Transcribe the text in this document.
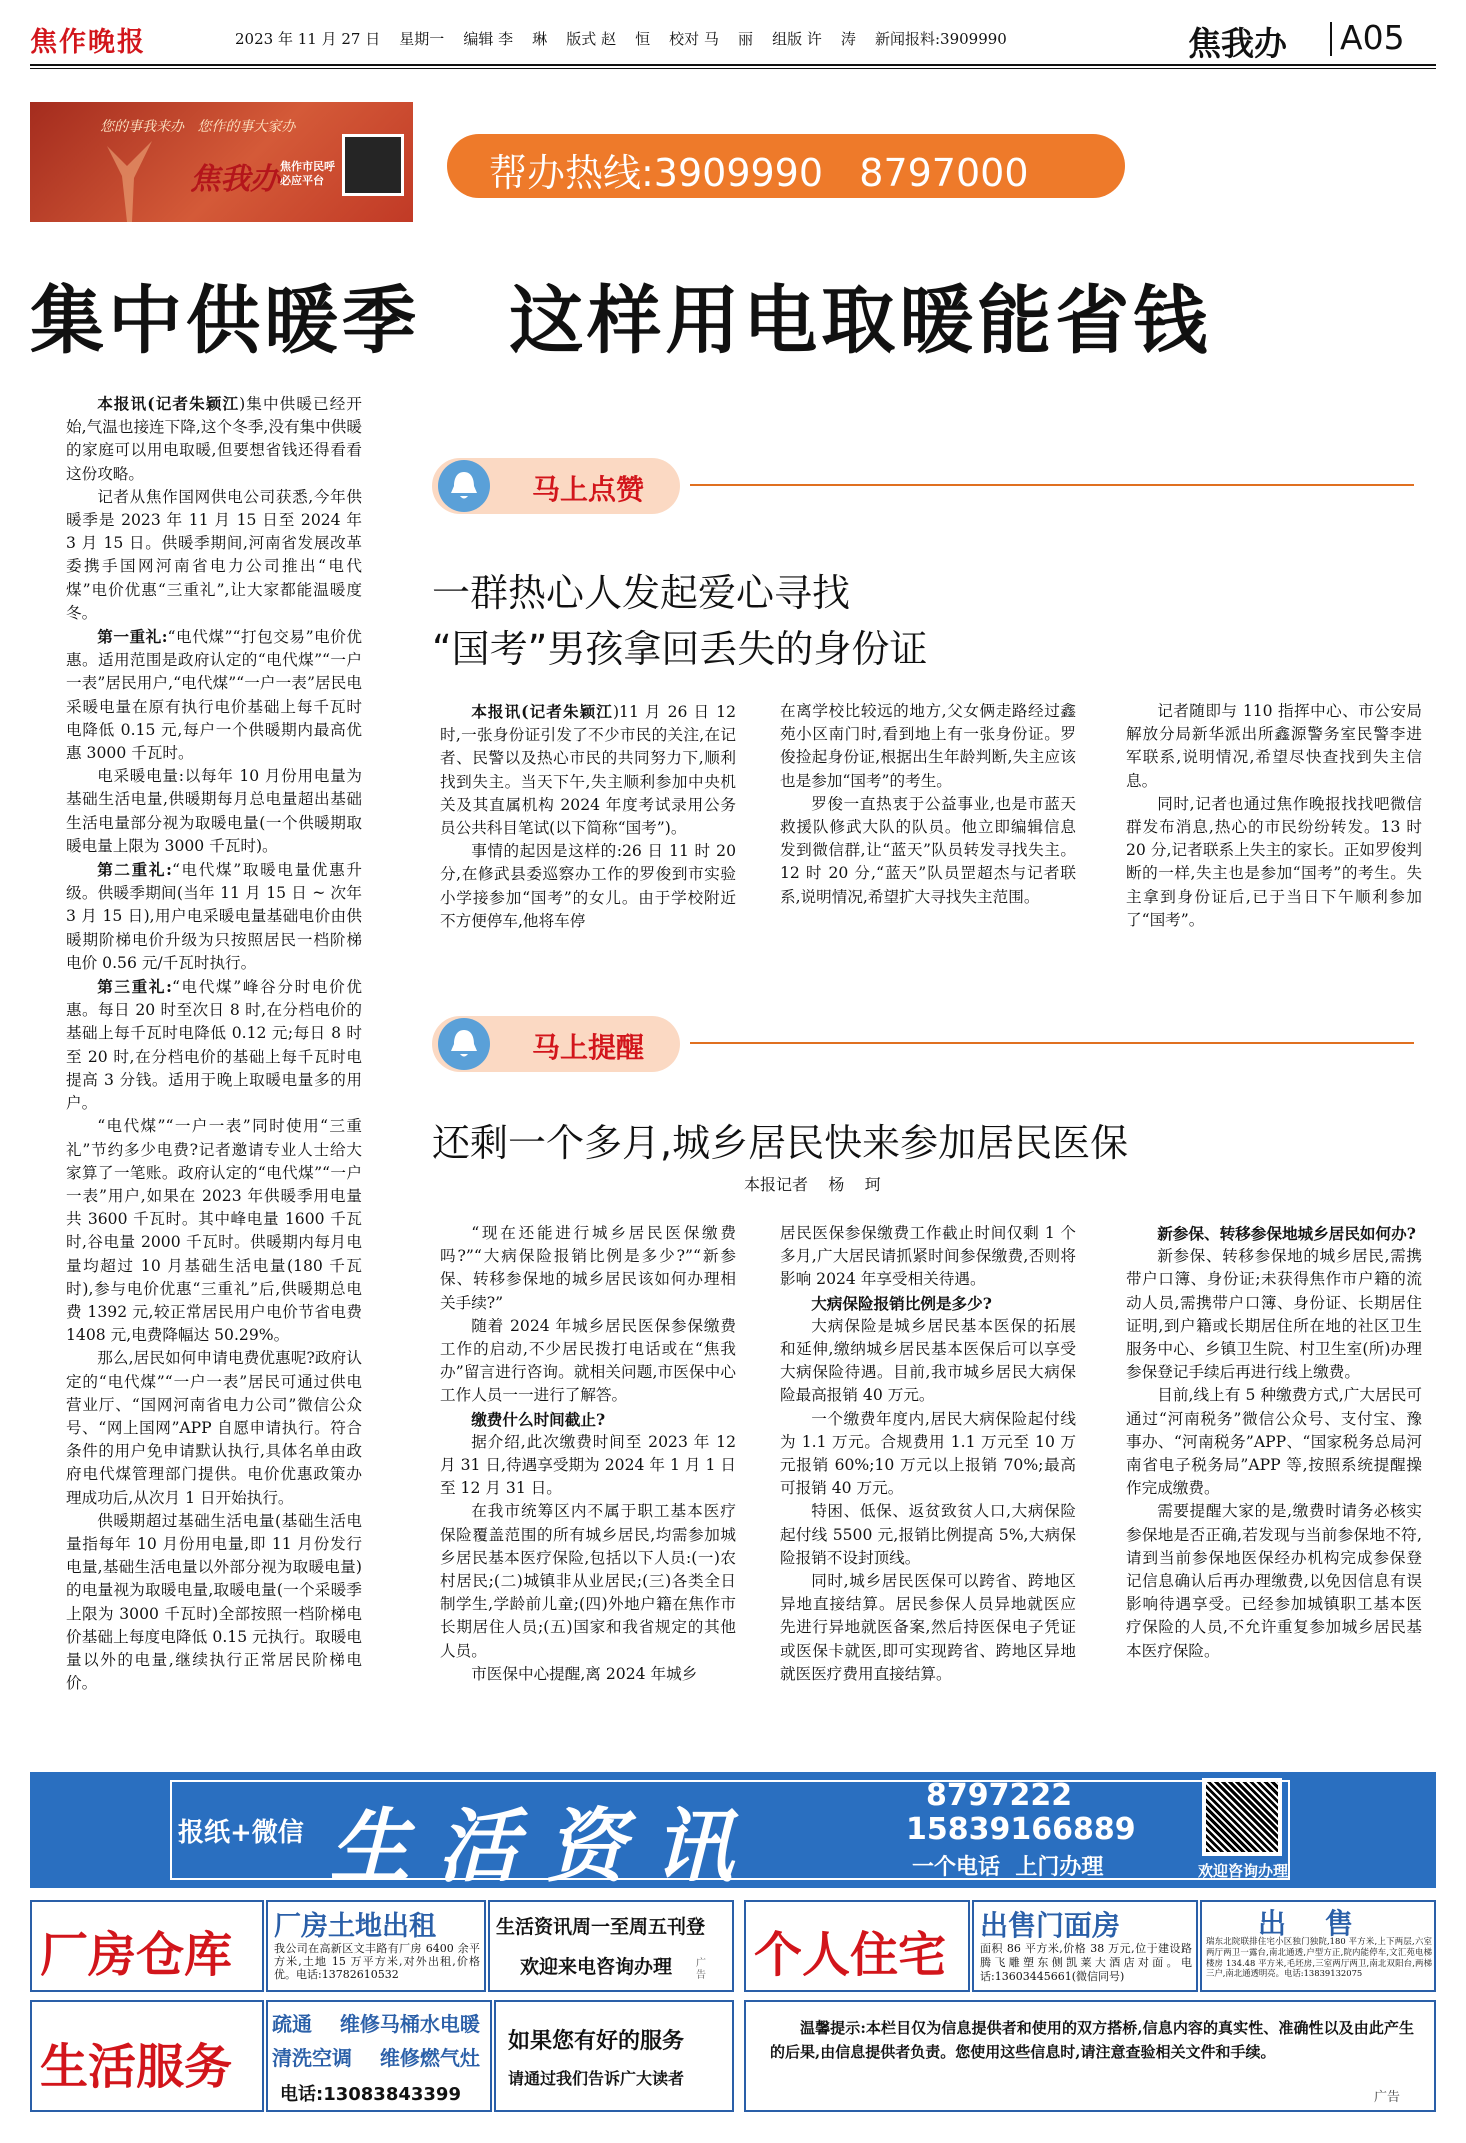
焦作晚报	2023 年 11 月 27 日    星期一    编辑 李    琳    版式 赵    恒    校对 马    丽    组版 许    涛    新闻报料:3909990	焦我办 A05
您的事我来办   您作的事大家办
焦我办 焦作市民呼必应平台	帮办热线:3909990   8797000
集中供暖季   这样用电取暖能省钱

本报讯(记者朱颖江)集中供暖已经开始,气温也接连下降,这个冬季,没有集中供暖的家庭可以用电取暖,但要想省钱还得看看这份攻略。

记者从焦作国网供电公司获悉,今年供暖季是 2023 年 11 月 15 日至 2024 年 3 月 15 日。供暖季期间,河南省发展改革委携手国网河南省电力公司推出“电代煤”电价优惠“三重礼”,让大家都能温暖度冬。

第一重礼:“电代煤”“打包交易”电价优惠。适用范围是政府认定的“电代煤”“一户一表”居民用户,“电代煤”“一户一表”居民电采暖电量在原有执行电价基础上每千瓦时电降低 0.15 元,每户一个供暖期内最高优惠 3000 千瓦时。

电采暖电量:以每年 10 月份用电量为基础生活电量,供暖期每月总电量超出基础生活电量部分视为取暖电量(一个供暖期取暖电量上限为 3000 千瓦时)。

第二重礼:“电代煤”取暖电量优惠升级。供暖季期间(当年 11 月 15 日 ~ 次年 3 月 15 日),用户电采暖电量基础电价由供暖期阶梯电价升级为只按照居民一档阶梯电价 0.56 元/千瓦时执行。

第三重礼:“电代煤”峰谷分时电价优惠。每日 20 时至次日 8 时,在分档电价的基础上每千瓦时电降低 0.12 元;每日 8 时至 20 时,在分档电价的基础上每千瓦时电提高 3 分钱。适用于晚上取暖电量多的用户。

“电代煤”“一户一表”同时使用“三重礼”节约多少电费?记者邀请专业人士给大家算了一笔账。政府认定的“电代煤”“一户一表”用户,如果在 2023 年供暖季用电量共 3600 千瓦时。其中峰电量 1600 千瓦时,谷电量 2000 千瓦时。供暖期内每月电量均超过 10 月基础生活电量(180 千瓦时),参与电价优惠“三重礼”后,供暖期总电费 1392 元,较正常居民用户电价节省电费 1408 元,电费降幅达 50.29%。

那么,居民如何申请电费优惠呢?政府认定的“电代煤”“一户一表”居民可通过供电营业厅、“国网河南省电力公司”微信公众号、“网上国网”APP 自愿申请执行。符合条件的用户免申请默认执行,具体名单由政府电代煤管理部门提供。电价优惠政策办理成功后,从次月 1 日开始执行。

供暖期超过基础生活电量(基础生活电量指每年 10 月份用电量,即 11 月份发行电量,基础生活电量以外部分视为取暖电量)的电量视为取暖电量,取暖电量(一个采暖季上限为 3000 千瓦时)全部按照一档阶梯电价基础上每度电降低 0.15 元执行。取暖电量以外的电量,继续执行正常居民阶梯电价。

马上点赞
一群热心人发起爱心寻找
“国考”男孩拿回丢失的身份证

本报讯(记者朱颖江)11 月 26 日 12 时,一张身份证引发了不少市民的关注,在记者、民警以及热心市民的共同努力下,顺利找到失主。当天下午,失主顺利参加中央机关及其直属机构 2024 年度考试录用公务员公共科目笔试(以下简称“国考”)。

事情的起因是这样的:26 日 11 时 20 分,在修武县委巡察办工作的罗俊到市实验小学接参加“国考”的女儿。由于学校附近不方便停车,他将车停

在离学校比较远的地方,父女俩走路经过鑫苑小区南门时,看到地上有一张身份证。罗俊捡起身份证,根据出生年龄判断,失主应该也是参加“国考”的考生。

罗俊一直热衷于公益事业,也是市蓝天救援队修武大队的队员。他立即编辑信息发到微信群,让“蓝天”队员转发寻找失主。12 时 20 分,“蓝天”队员罡超杰与记者联系,说明情况,希望扩大寻找失主范围。

记者随即与 110 指挥中心、市公安局解放分局新华派出所鑫源警务室民警李进军联系,说明情况,希望尽快查找到失主信息。

同时,记者也通过焦作晚报找找吧微信群发布消息,热心的市民纷纷转发。13 时 20 分,记者联系上失主的家长。正如罗俊判断的一样,失主也是参加“国考”的考生。失主拿到身份证后,已于当日下午顺利参加了“国考”。

马上提醒
还剩一个多月,城乡居民快来参加居民医保
本报记者    杨    珂

“现在还能进行城乡居民医保缴费吗?”“大病保险报销比例是多少?”“新参保、转移参保地的城乡居民该如何办理相关手续?”

随着 2024 年城乡居民医保参保缴费工作的启动,不少居民拨打电话或在“焦我办”留言进行咨询。就相关问题,市医保中心工作人员一一进行了解答。

缴费什么时间截止?

据介绍,此次缴费时间至 2023 年 12 月 31 日,待遇享受期为 2024 年 1 月 1 日至 12 月 31 日。

在我市统筹区内不属于职工基本医疗保险覆盖范围的所有城乡居民,均需参加城乡居民基本医疗保险,包括以下人员:(一)农村居民;(二)城镇非从业居民;(三)各类全日制学生,学龄前儿童;(四)外地户籍在焦作市长期居住人员;(五)国家和我省规定的其他人员。

市医保中心提醒,离 2024 年城乡

居民医保参保缴费工作截止时间仅剩 1 个多月,广大居民请抓紧时间参保缴费,否则将影响 2024 年享受相关待遇。

大病保险报销比例是多少?

大病保险是城乡居民基本医保的拓展和延伸,缴纳城乡居民基本医保后可以享受大病保险待遇。目前,我市城乡居民大病保险最高报销 40 万元。

一个缴费年度内,居民大病保险起付线为 1.1 万元。合规费用 1.1 万元至 10 万元报销 60%;10 万元以上报销 70%;最高可报销 40 万元。

特困、低保、返贫致贫人口,大病保险起付线 5500 元,报销比例提高 5%,大病保险报销不设封顶线。

同时,城乡居民医保可以跨省、跨地区异地直接结算。居民参保人员异地就医应先进行异地就医备案,然后持医保电子凭证或医保卡就医,即可实现跨省、跨地区异地就医医疗费用直接结算。

新参保、转移参保地城乡居民如何办?

新参保、转移参保地的城乡居民,需携带户口簿、身份证;未获得焦作市户籍的流动人员,需携带户口簿、身份证、长期居住证明,到户籍或长期居住所在地的社区卫生服务中心、乡镇卫生院、村卫生室(所)办理参保登记手续后再进行线上缴费。

目前,线上有 5 种缴费方式,广大居民可通过“河南税务”微信公众号、支付宝、豫事办、“河南税务”APP、“国家税务总局河南省电子税务局”APP 等,按照系统提醒操作完成缴费。

需要提醒大家的是,缴费时请务必核实参保地是否正确,若发现与当前参保地不符,请到当前参保地医保经办机构完成参保登记信息确认后再办理缴费,以免因信息有误影响待遇享受。已经参加城镇职工基本医疗保险的人员,不允许重复参加城乡居民基本医疗保险。

报纸+微信 生 活 资 讯
8797222
15839166889
一个电话  上门办理	欢迎咨询办理
厂房仓库
厂房土地出租
我公司在高新区文丰路有厂房 6400 余平方米,土地 15 万平方米,对外出租,价格优。电话:13782610532
生活资讯周一至周五刊登
欢迎来电咨询办理 广告 个人住宅
出售门面房
面积 86 平方米,价格 38 万元,位于建设路腾飞雕塑东侧凯莱大酒店对面。电话:13603445661(微信同号)
出    售
瑞东北院联排住宅小区独门独院,180 平方米,上下两层,六室两厅两卫一露台,南北通透,户型方正,院内能停车,文汇苑电梯楼房 134.48 平方米,毛坯房,三室两厅两卫,南北双阳台,两梯三户,南北通透明亮。电话:13839132075
生活服务
疏通    维修马桶水电暖
清洗空调    维修燃气灶
电话:13083843399
如果您有好的服务
请通过我们告诉广大读者
温馨提示:本栏目仅为信息提供者和使用的双方搭桥,信息内容的真实性、准确性以及由此产生的后果,由信息提供者负责。您使用这些信息时,请注意查验相关文件和手续。
广告
